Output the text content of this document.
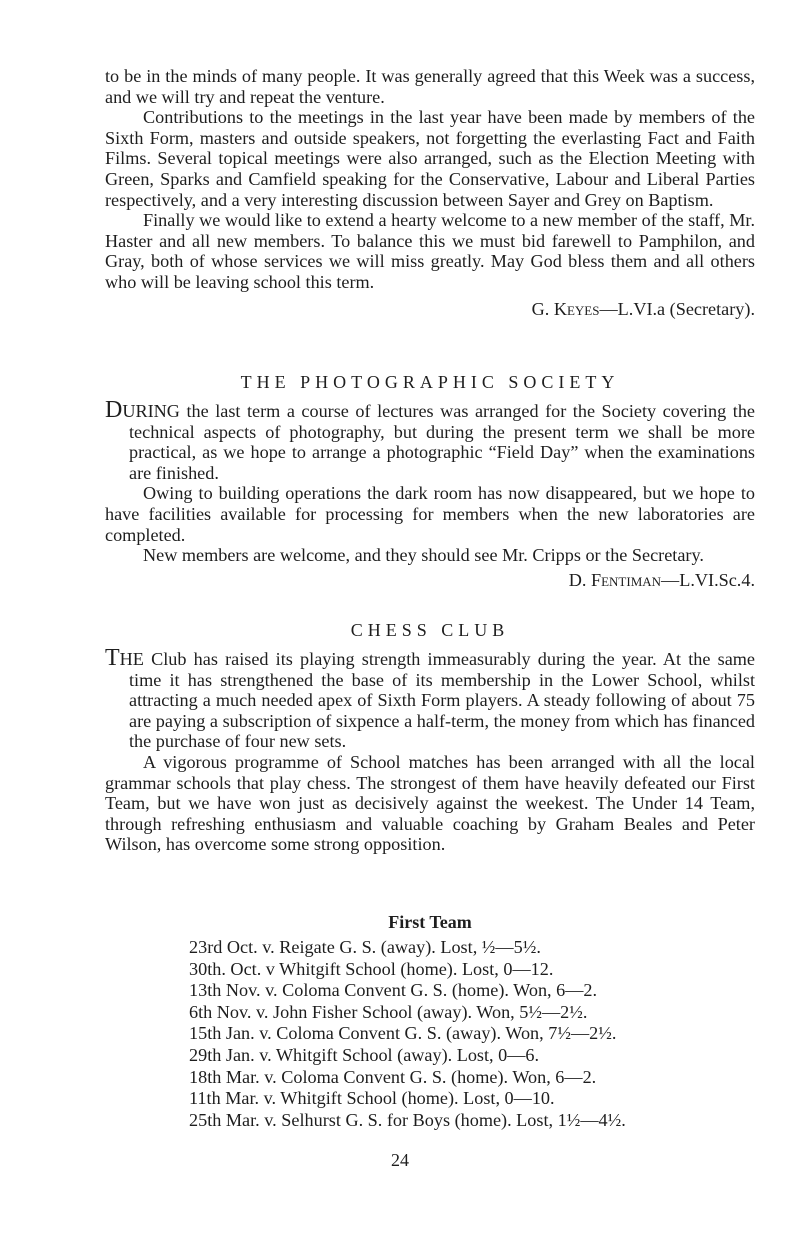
to be in the minds of many people. It was generally agreed that this Week was a success, and we will try and repeat the venture.

Contributions to the meetings in the last year have been made by members of the Sixth Form, masters and outside speakers, not forgetting the everlasting Fact and Faith Films. Several topical meetings were also arranged, such as the Election Meeting with Green, Sparks and Camfield speaking for the Conservative, Labour and Liberal Parties respectively, and a very interesting discussion between Sayer and Grey on Baptism.

Finally we would like to extend a hearty welcome to a new member of the staff, Mr. Haster and all new members. To balance this we must bid farewell to Pamphilon, and Gray, both of whose services we will miss greatly. May God bless them and all others who will be leaving school this term.

G. Keyes—L.VI.a (Secretary).
THE PHOTOGRAPHIC SOCIETY

DURING the last term a course of lectures was arranged for the Society covering the technical aspects of photography, but during the present term we shall be more practical, as we hope to arrange a photographic “Field Day” when the examinations are finished.

Owing to building operations the dark room has now disappeared, but we hope to have facilities available for processing for members when the new laboratories are completed.

New members are welcome, and they should see Mr. Cripps or the Secretary.

D. Fentiman—L.VI.Sc.4.
CHESS CLUB

THE Club has raised its playing strength immeasurably during the year. At the same time it has strengthened the base of its membership in the Lower School, whilst attracting a much needed apex of Sixth Form players. A steady following of about 75 are paying a subscription of sixpence a half-term, the money from which has financed the purchase of four new sets.

A vigorous programme of School matches has been arranged with all the local grammar schools that play chess. The strongest of them have heavily defeated our First Team, but we have won just as decisively against the weekest. The Under 14 Team, through refreshing enthusiasm and valuable coaching by Graham Beales and Peter Wilson, has overcome some strong opposition.

First Team
23rd Oct. v. Reigate G. S. (away). Lost, ½—5½.
30th. Oct. v Whitgift School (home). Lost, 0—12.
13th Nov. v. Coloma Convent G. S. (home). Won, 6—2.
6th Nov. v. John Fisher School (away). Won, 5½—2½.
15th Jan. v. Coloma Convent G. S. (away). Won, 7½—2½.
29th Jan. v. Whitgift School (away). Lost, 0—6.
18th Mar. v. Coloma Convent G. S. (home). Won, 6—2.
11th Mar. v. Whitgift School (home). Lost, 0—10.
25th Mar. v. Selhurst G. S. for Boys (home). Lost, 1½—4½.
24
